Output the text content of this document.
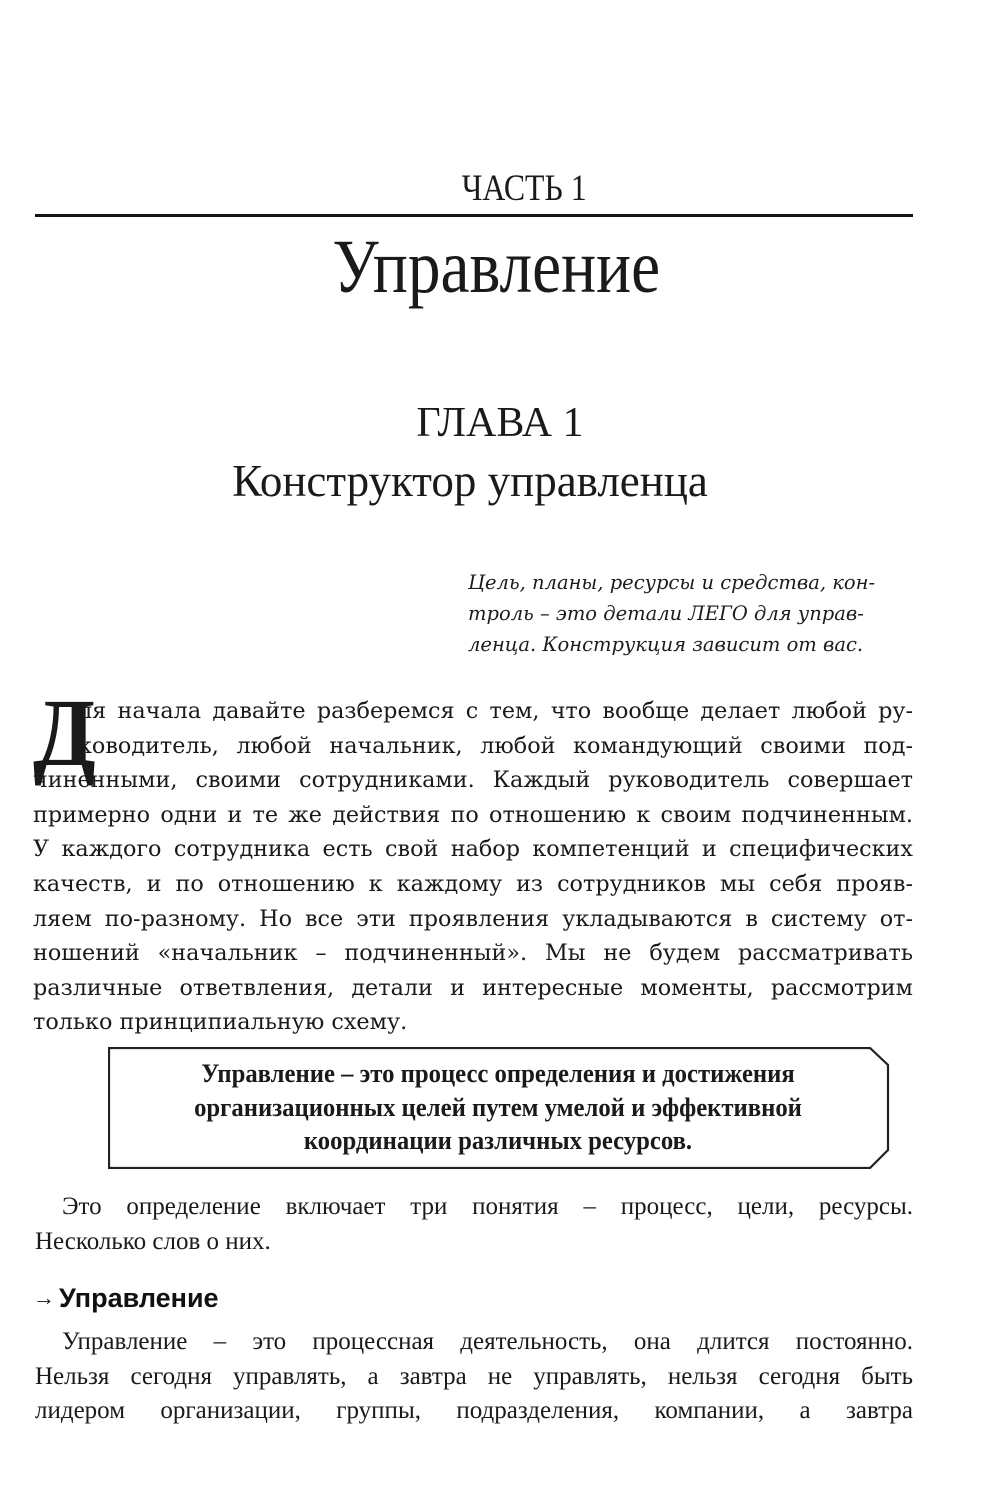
ЧАСТЬ 1
Управление
ГЛАВА 1
Конструктор управленца
Цель, планы, ресурсы и средства, кон-
троль – это детали ЛЕГО для управ-
ленца. Конструкция зависит от вас.
Д
ля начала давайте разберемся с тем, что вообще делает любой ру-
ководитель, любой начальник, любой командующий своими под-
чиненными, своими сотрудниками. Каждый руководитель совершает
примерно одни и те же действия по отношению к своим подчиненным.
У каждого сотрудника есть свой набор компетенций и специфических
качеств, и по отношению к каждому из сотрудников мы себя прояв-
ляем по-разному. Но все эти проявления укладываются в систему от-
ношений «начальник – подчиненный». Мы не будем рассматривать
различные ответвления, детали и интересные моменты, рассмотрим
только принципиальную схему.
Управление – это процесс определения и достижения
организационных целей путем умелой и эффективной
координации различных ресурсов.
Это определение включает три понятия – процесс, цели, ресурсы.
Несколько слов о них.
→ Управление
Управление – это процессная деятельность, она длится постоянно.
Нельзя сегодня управлять, а завтра не управлять, нельзя сегодня быть
лидером организации, группы, подразделения, компании, а завтра
